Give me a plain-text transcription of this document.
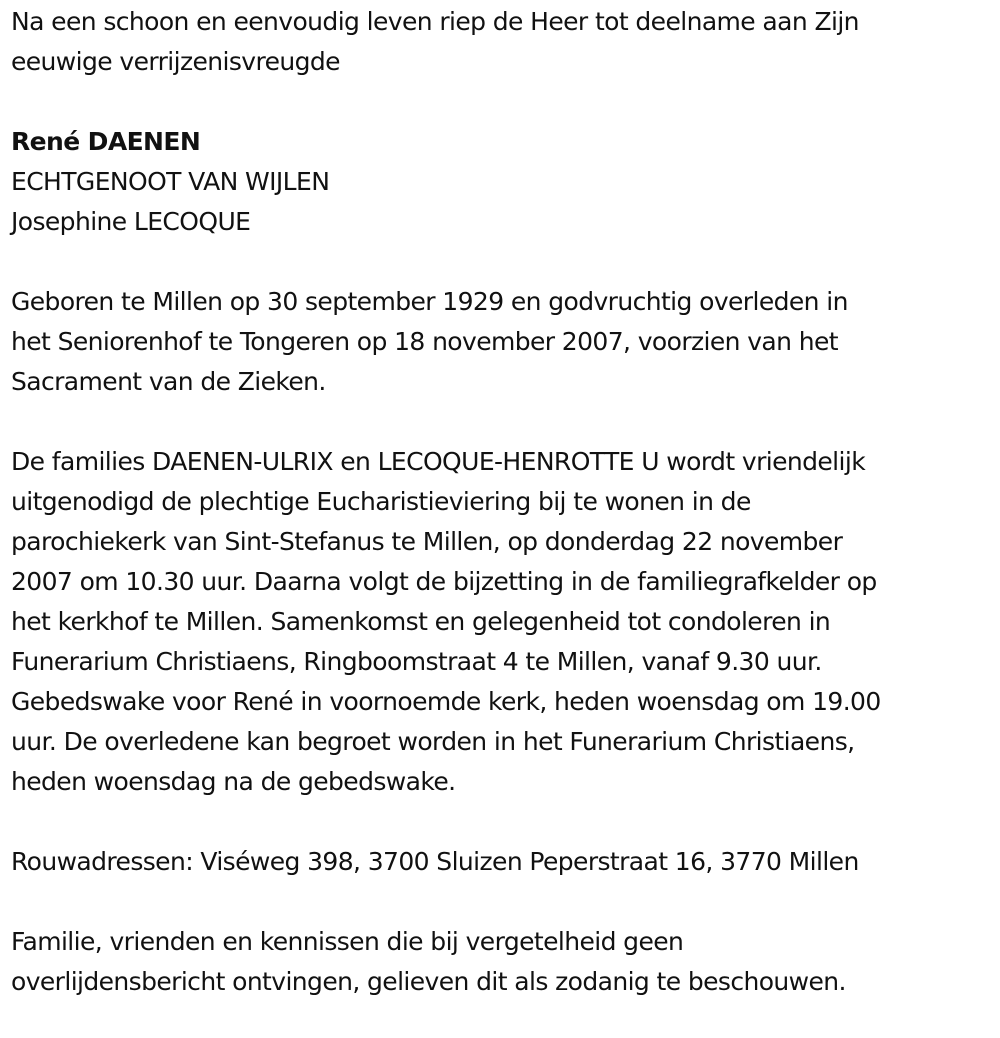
Na een schoon en eenvoudig leven riep de Heer tot deelname aan Zijn
eeuwige verrijzenisvreugde

René DAENEN

ECHTGENOOT VAN WIJLEN

Josephine LECOQUE

Geboren te Millen op 30 september 1929 en godvruchtig overleden in
het Seniorenhof te Tongeren op 18 november 2007, voorzien van het
Sacrament van de Zieken.

De families DAENEN-ULRIX en LECOQUE-HENROTTE U wordt vriendelijk
uitgenodigd de plechtige Eucharistieviering bij te wonen in de
parochiekerk van Sint-Stefanus te Millen, op donderdag 22 november
2007 om 10.30 uur. Daarna volgt de bijzetting in de familiegrafkelder op
het kerkhof te Millen. Samenkomst en gelegenheid tot condoleren in
Funerarium Christiaens, Ringboomstraat 4 te Millen, vanaf 9.30 uur.
Gebedswake voor René in voornoemde kerk, heden woensdag om 19.00
uur. De overledene kan begroet worden in het Funerarium Christiaens,
heden woensdag na de gebedswake.

Rouwadressen: Viséweg 398, 3700 Sluizen Peperstraat 16, 3770 Millen

Familie, vrienden en kennissen die bij vergetelheid geen
overlijdensbericht ontvingen, gelieven dit als zodanig te beschouwen.
